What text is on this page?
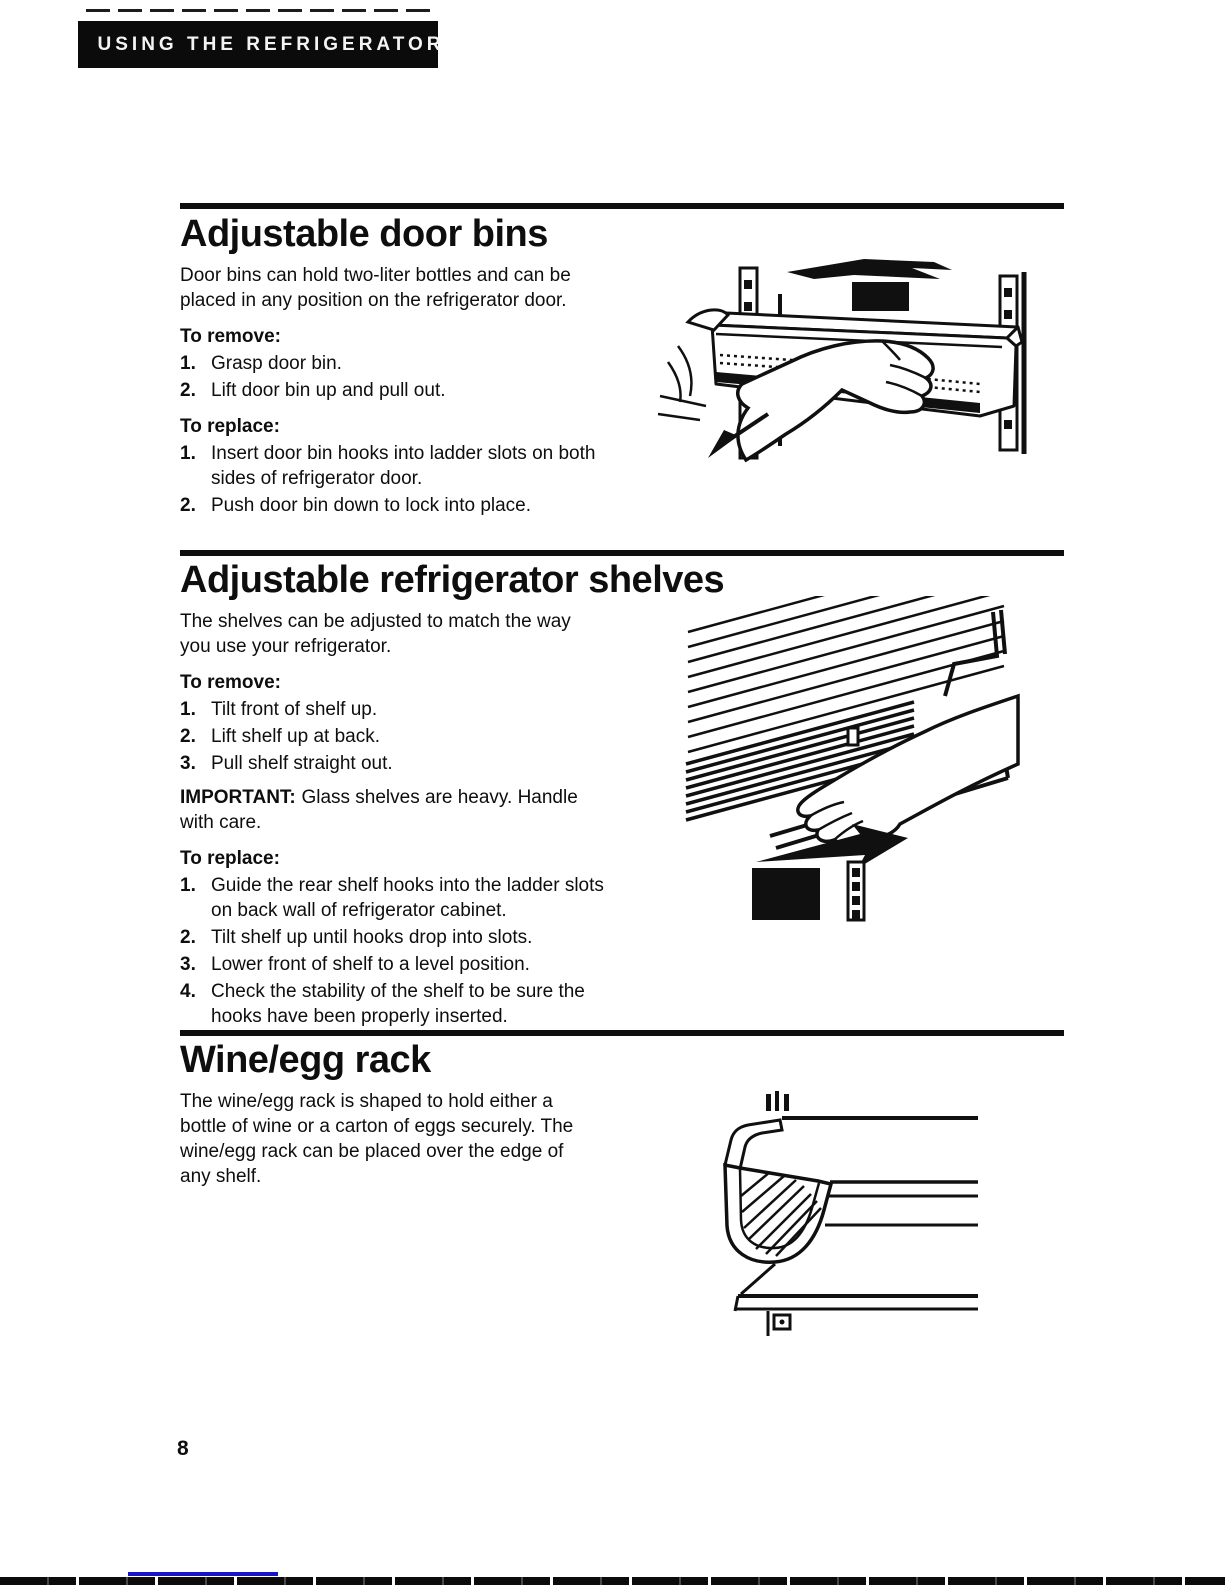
USING THE REFRIGERATOR
Adjustable door bins

Door bins can hold two-liter bottles and can be placed in any position on the refrigerator door.

To remove:

1. Grasp door bin.
2. Lift door bin up and pull out.

To replace:

1. Insert door bin hooks into ladder slots on both sides of refrigerator door.
2. Push door bin down to lock into place.
Adjustable refrigerator shelves

The shelves can be adjusted to match the way you use your refrigerator.

To remove:

1. Tilt front of shelf up.
2. Lift shelf up at back.
3. Pull shelf straight out.

IMPORTANT: Glass shelves are heavy. Handle with care.

To replace:

1. Guide the rear shelf hooks into the ladder slots on back wall of refrigerator cabinet.
2. Tilt shelf up until hooks drop into slots.
3. Lower front of shelf to a level position.
4. Check the stability of the shelf to be sure the hooks have been properly inserted.
Wine/egg rack

The wine/egg rack is shaped to hold either a bottle of wine or a carton of eggs securely. The wine/egg rack can be placed over the edge of any shelf.

8
